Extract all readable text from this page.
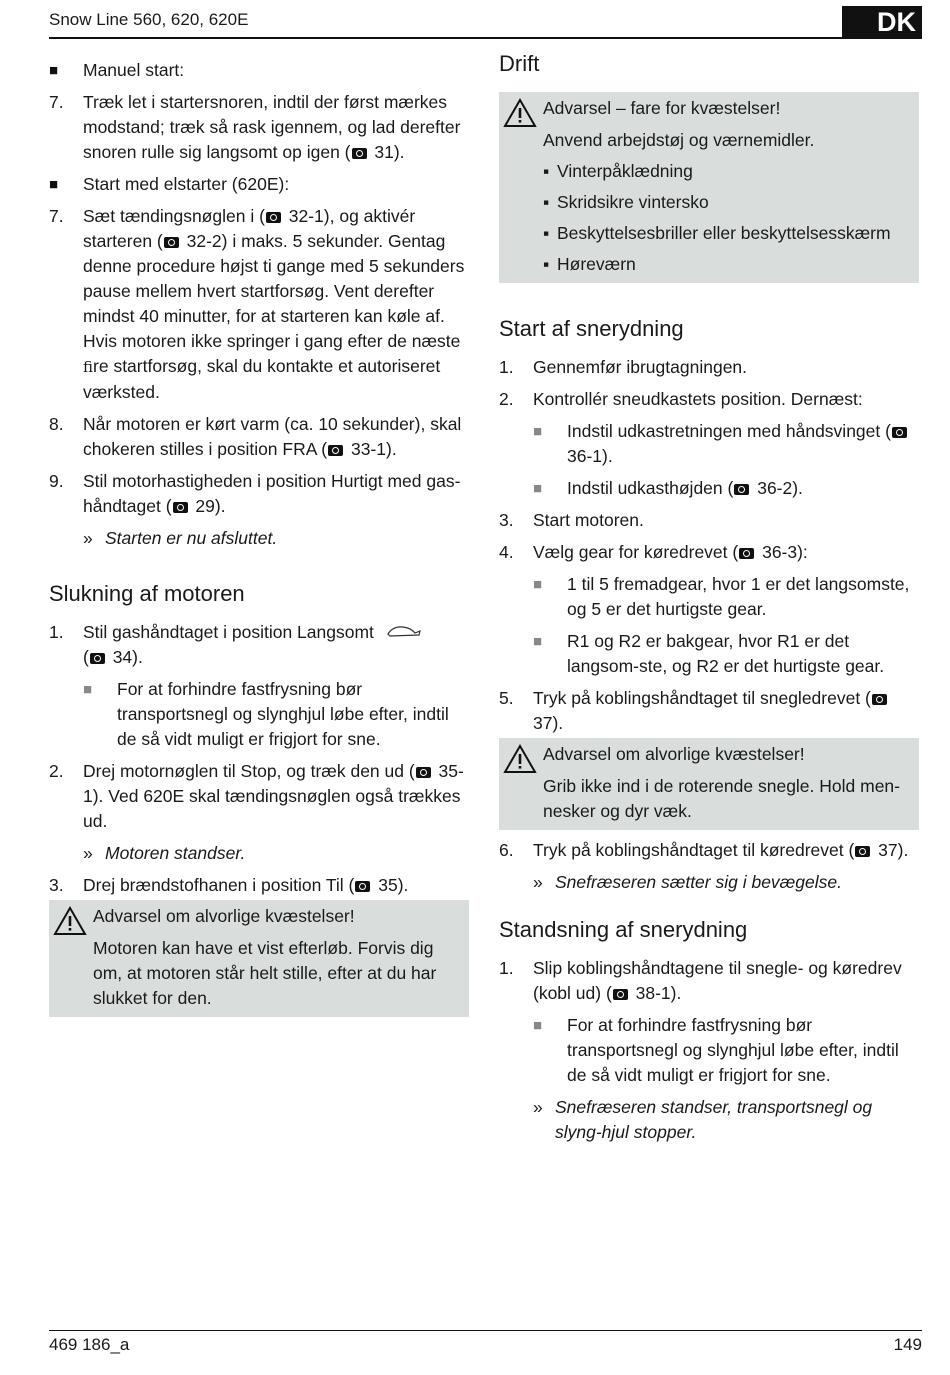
Snow Line 560, 620, 620E	DK
■	Manuel start:
7.	Træk let i startersnoren, indtil der først mærkes modstand; træk så rask igennem, og lad derefter snoren rulle sig langsomt op igen ( 31).
■	Start med elstarter (620E):
7.	Sæt tændingsnøglen i ( 32-1), og aktivér starteren ( 32-2) i maks. 5 sekunder. Gentag denne procedure højst ti gange med 5 sekunders pause mellem hvert startforsøg. Vent derefter mindst 40 minutter, for at starteren kan køle af. Hvis motoren ikke springer i gang efter de næste fire startforsøg, skal du kontakte et autoriseret værksted.
8.	Når motoren er kørt varm (ca. 10 sekunder), skal chokeren stilles i position FRA ( 33-1).
9.	Stil motorhastigheden i position Hurtigt med gas-håndtaget ( 29).
» Starten er nu afsluttet.
Slukning af motoren
1.	Stil gashåndtaget i position Langsomt
( 34).
■	For at forhindre fastfrysning bør transportsnegl og slynghjul løbe efter, indtil de så vidt muligt er frigjort for sne.
2.	Drej motornøglen til Stop, og træk den ud ( 35-1). Ved 620E skal tændingsnøglen også trækkes ud.
» Motoren standser.
3.	Drej brændstofhanen i position Til ( 35).
Advarsel om alvorlige kvæstelser!
Motoren kan have et vist efterløb. Forvis dig om, at motoren står helt stille, efter at du har slukket for den.
Drift
Advarsel – fare for kvæstelser!
Anvend arbejdstøj og værnemidler.
▪ Vinterpåklædning
▪ Skridsikre vintersko
▪ Beskyttelsesbriller eller beskyttelsesskærm
▪ Høreværn
Start af snerydning
1.	Gennemfør ibrugtagningen.
2.	Kontrollér sneudkastets position. Dernæst:
■	Indstil udkastretningen med håndsvinget ( 36-1).
■	Indstil udkasthøjden ( 36-2).
3.	Start motoren.
4.	Vælg gear for køredrevet ( 36-3):
■	1 til 5 fremadgear, hvor 1 er det langsomste, og 5 er det hurtigste gear.
■	R1 og R2 er bakgear, hvor R1 er det langsom-ste, og R2 er det hurtigste gear.
5.	Tryk på koblingshåndtaget til snegledrevet ( 37).
Advarsel om alvorlige kvæstelser!
Grib ikke ind i de roterende snegle. Hold men-nesker og dyr væk.
6.	Tryk på koblingshåndtaget til køredrevet ( 37).
» Snefræseren sætter sig i bevægelse.
Standsning af snerydning
1.	Slip koblingshåndtagene til snegle- og køredrev (kobl ud) ( 38-1).
■	For at forhindre fastfrysning bør transportsnegl og slynghjul løbe efter, indtil de så vidt muligt er frigjort for sne.
» Snefræseren standser, transportsnegl og slyng-hjul stopper.
469 186_a	149
